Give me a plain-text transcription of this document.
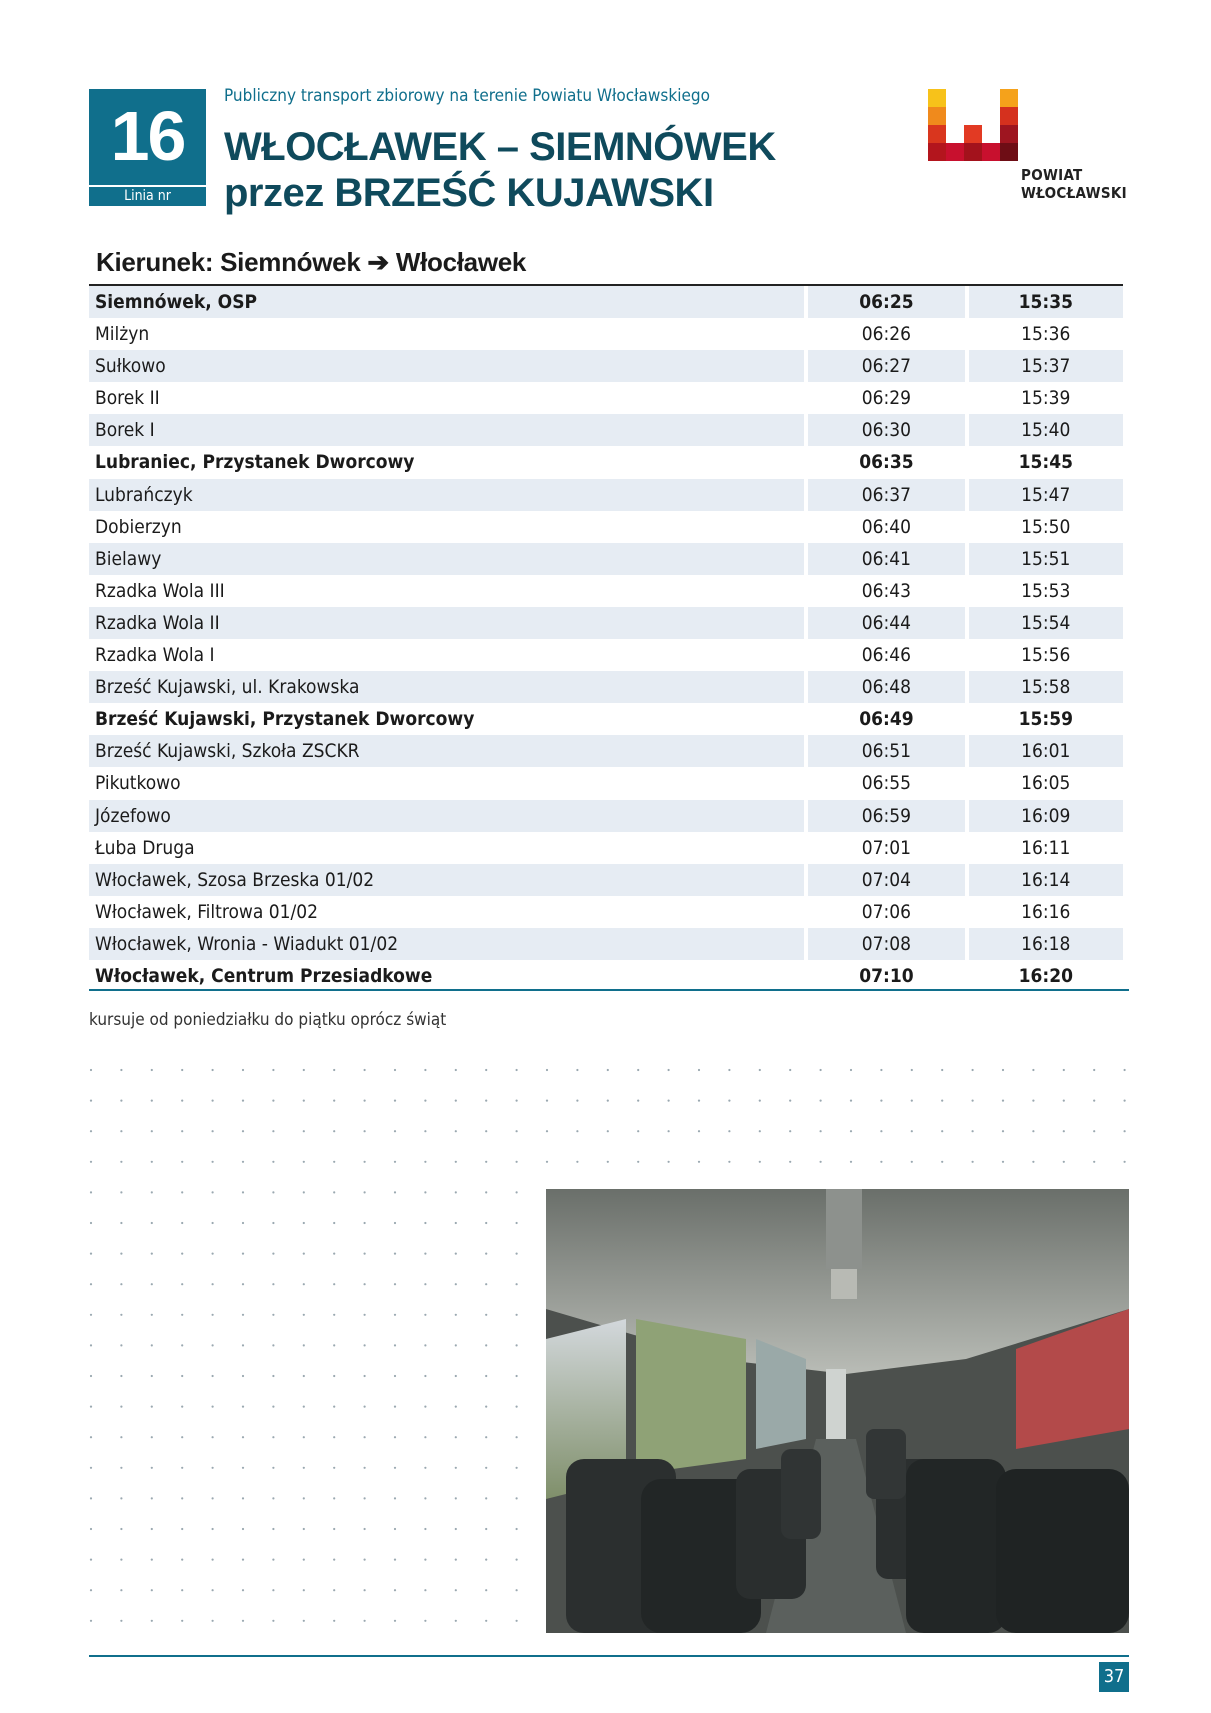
16
Linia nr
Publiczny transport zbiorowy na terenie Powiatu Włocławskiego
WŁOCŁAWEK – SIEMNÓWEK
przez BRZEŚĆ KUJAWSKI	POWIAT
WŁOCŁAWSKI
Kierunek: Siemnówek ➔ Włocławek
Siemnówek, OSP	06:25	15:35
Milżyn	06:26	15:36
Sułkowo	06:27	15:37
Borek II	06:29	15:39
Borek I	06:30	15:40
Lubraniec, Przystanek Dworcowy	06:35	15:45
Lubrańczyk	06:37	15:47
Dobierzyn	06:40	15:50
Bielawy	06:41	15:51
Rzadka Wola III	06:43	15:53
Rzadka Wola II	06:44	15:54
Rzadka Wola I	06:46	15:56
Brześć Kujawski, ul. Krakowska	06:48	15:58
Brześć Kujawski, Przystanek Dworcowy	06:49	15:59
Brześć Kujawski, Szkoła ZSCKR	06:51	16:01
Pikutkowo	06:55	16:05
Józefowo	06:59	16:09
Łuba Druga	07:01	16:11
Włocławek, Szosa Brzeska 01/02	07:04	16:14
Włocławek, Filtrowa 01/02	07:06	16:16
Włocławek, Wronia - Wiadukt 01/02	07:08	16:18
Włocławek, Centrum Przesiadkowe	07:10	16:20
kursuje od poniedziałku do piątku oprócz świąt
37
